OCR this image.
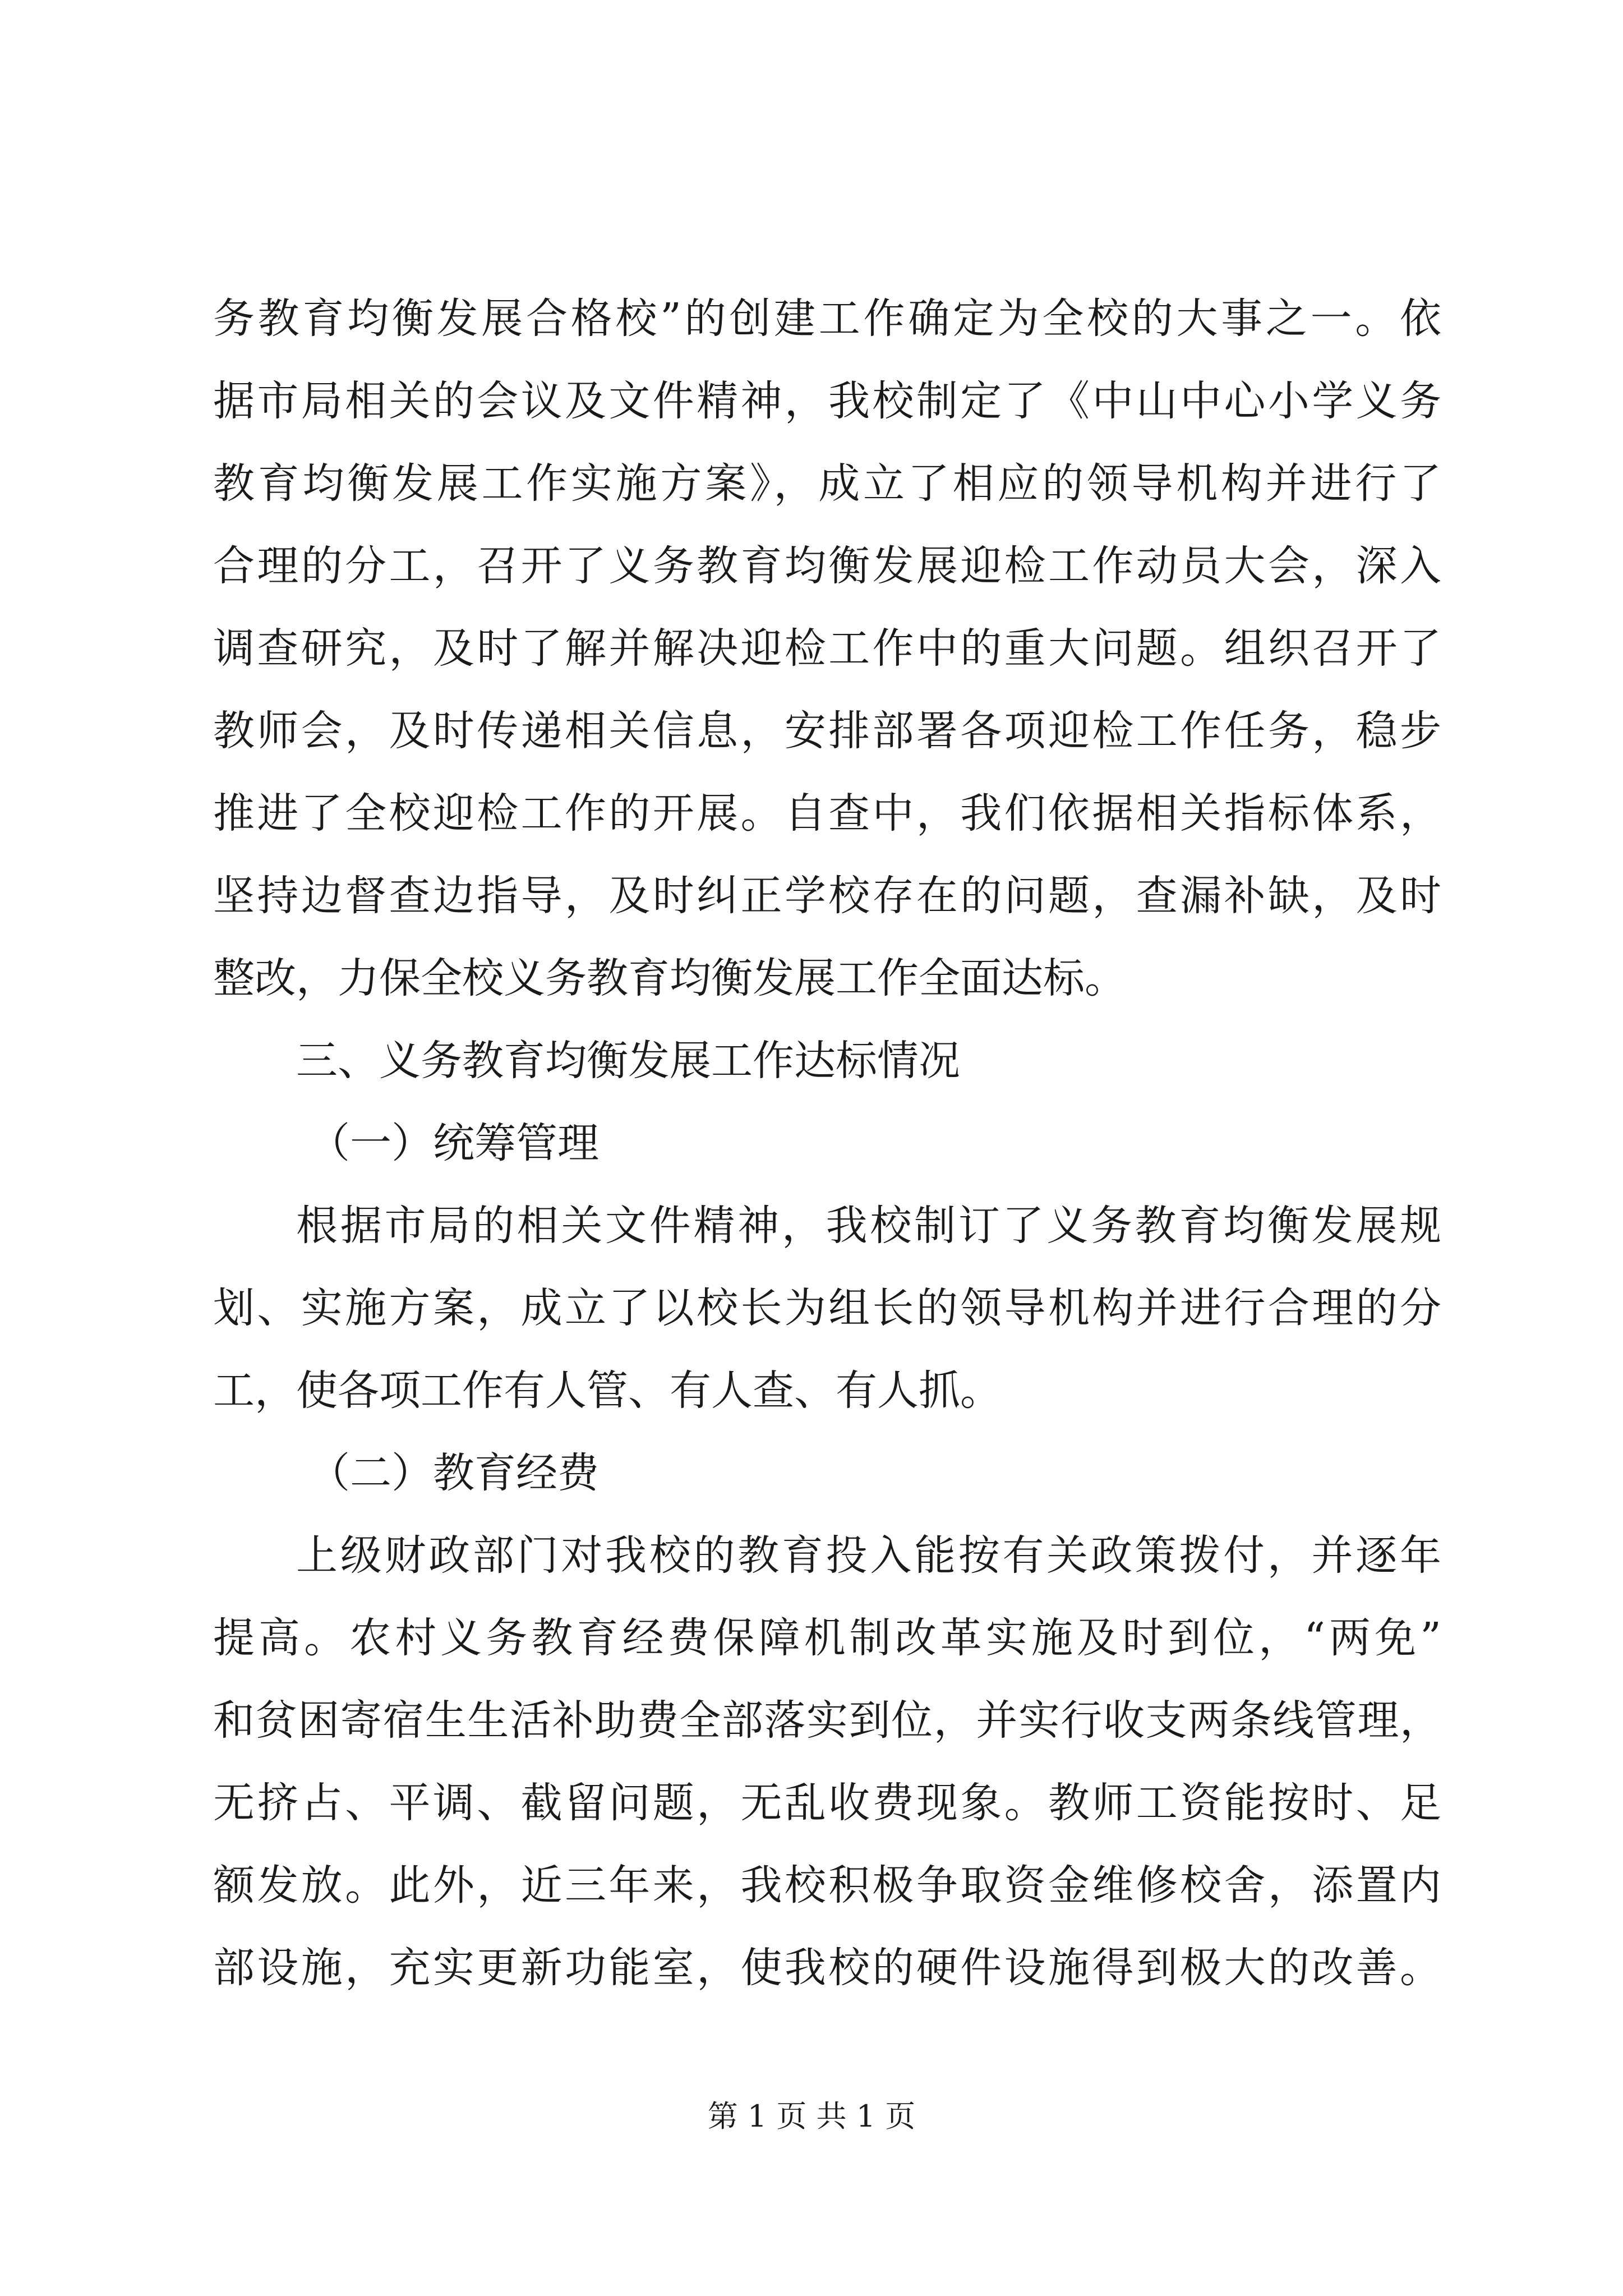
务教育均衡发展合格校”的创建工作确定为全校的大事之一。依
据市局相关的会议及文件精神，我校制定了《中山中心小学义务
教育均衡发展工作实施方案》，成立了相应的领导机构并进行了
合理的分工，召开了义务教育均衡发展迎检工作动员大会，深入
调查研究，及时了解并解决迎检工作中的重大问题。组织召开了
教师会，及时传递相关信息，安排部署各项迎检工作任务，稳步
推进了全校迎检工作的开展。自查中，我们依据相关指标体系，
坚持边督查边指导，及时纠正学校存在的问题，查漏补缺，及时
整改，力保全校义务教育均衡发展工作全面达标。
三、义务教育均衡发展工作达标情况
（一）统筹管理
根据市局的相关文件精神，我校制订了义务教育均衡发展规
划、实施方案，成立了以校长为组长的领导机构并进行合理的分
工，使各项工作有人管、有人查、有人抓。
（二）教育经费
上级财政部门对我校的教育投入能按有关政策拨付，并逐年
提高。农村义务教育经费保障机制改革实施及时到位，“两免”
和贫困寄宿生生活补助费全部落实到位，并实行收支两条线管理，
无挤占、平调、截留问题，无乱收费现象。教师工资能按时、足
额发放。此外，近三年来，我校积极争取资金维修校舍，添置内
部设施，充实更新功能室，使我校的硬件设施得到极大的改善。
第 1 页 共 1 页
